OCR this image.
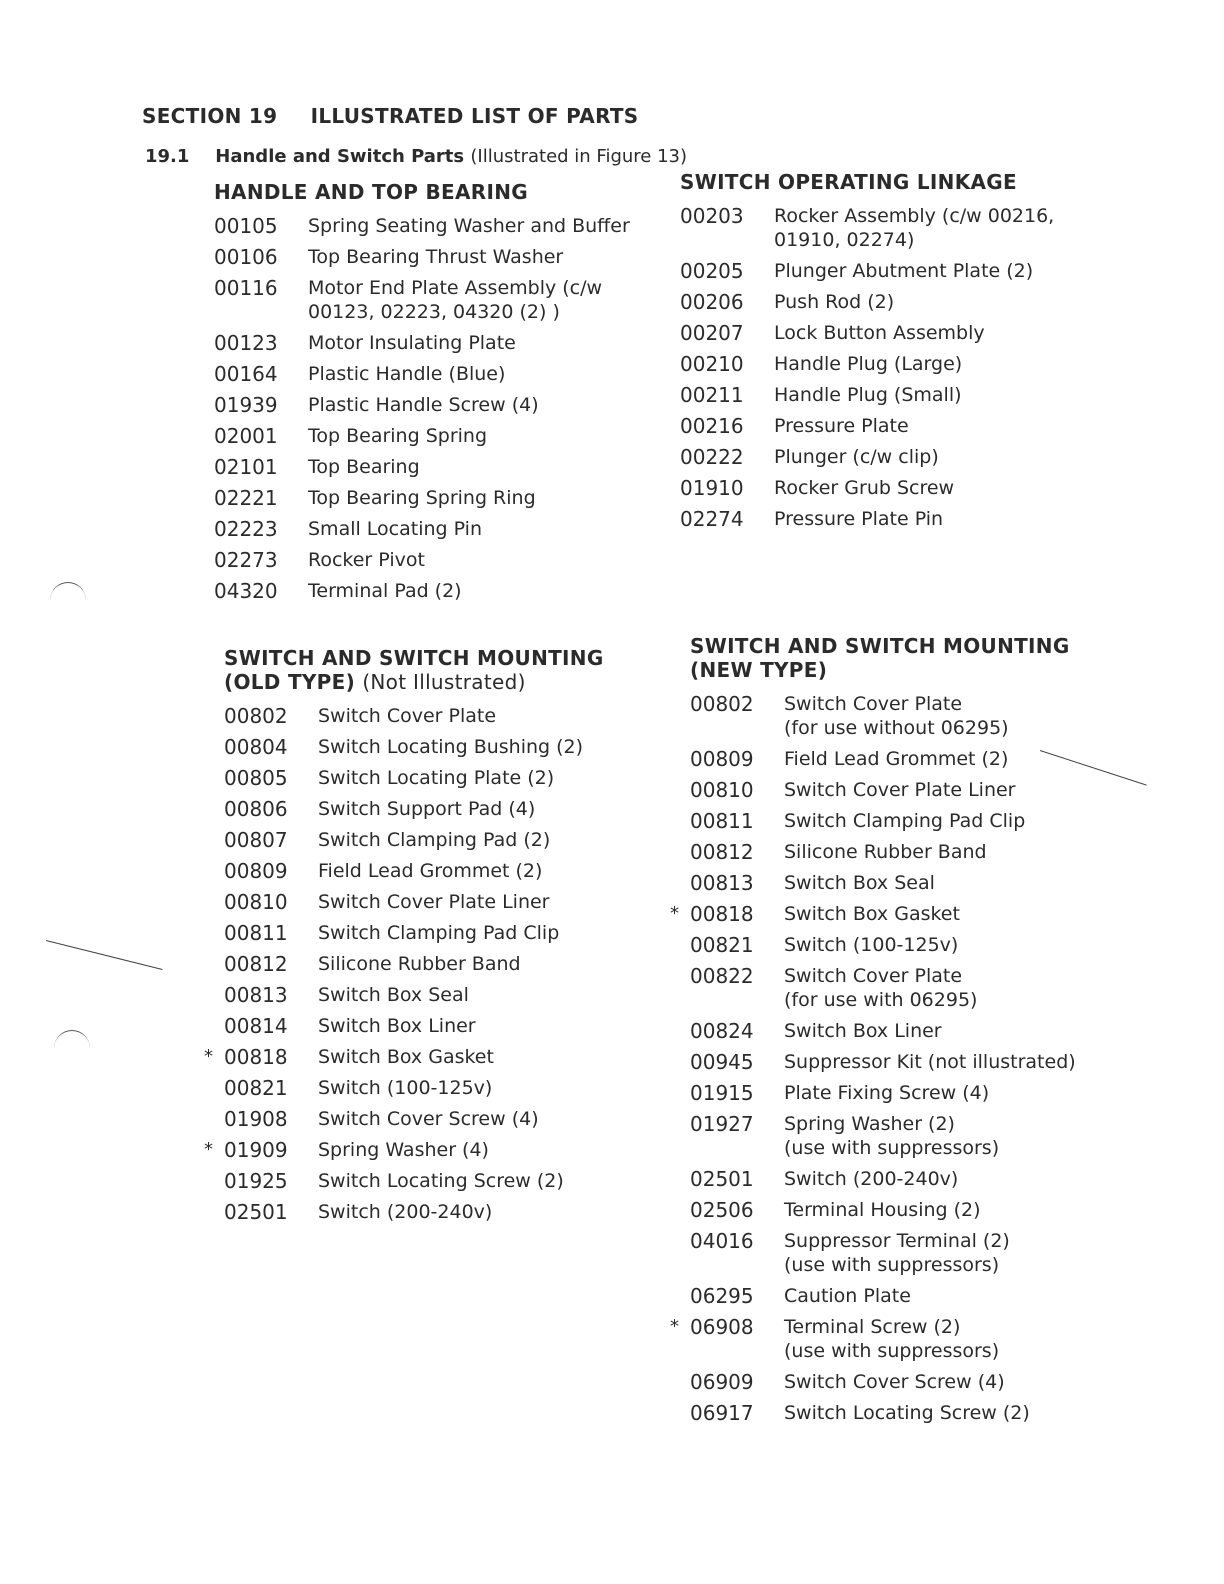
SECTION 19 ILLUSTRATED LIST OF PARTS
19.1 Handle and Switch Parts (Illustrated in Figure 13)
HANDLE AND TOP BEARING
00105	Spring Seating Washer and Buffer
00106	Top Bearing Thrust Washer
00116	Motor End Plate Assembly (c/w
00123, 02223, 04320 (2) )
00123	Motor Insulating Plate
00164	Plastic Handle (Blue)
01939	Plastic Handle Screw (4)
02001	Top Bearing Spring
02101	Top Bearing
02221	Top Bearing Spring Ring
02223	Small Locating Pin
02273	Rocker Pivot
04320	Terminal Pad (2)
SWITCH OPERATING LINKAGE
00203	Rocker Assembly (c/w 00216,
01910, 02274)
00205	Plunger Abutment Plate (2)
00206	Push Rod (2)
00207	Lock Button Assembly
00210	Handle Plug (Large)
00211	Handle Plug (Small)
00216	Pressure Plate
00222	Plunger (c/w clip)
01910	Rocker Grub Screw
02274	Pressure Plate Pin
SWITCH AND SWITCH MOUNTING
(OLD TYPE) (Not Illustrated)
00802	Switch Cover Plate
00804	Switch Locating Bushing (2)
00805	Switch Locating Plate (2)
00806	Switch Support Pad (4)
00807	Switch Clamping Pad (2)
00809	Field Lead Grommet (2)
00810	Switch Cover Plate Liner
00811	Switch Clamping Pad Clip
00812	Silicone Rubber Band
00813	Switch Box Seal
00814	Switch Box Liner
* 00818	Switch Box Gasket
00821	Switch (100-125v)
01908	Switch Cover Screw (4)
* 01909	Spring Washer (4)
01925	Switch Locating Screw (2)
02501	Switch (200-240v)
SWITCH AND SWITCH MOUNTING
(NEW TYPE)
00802	Switch Cover Plate
(for use without 06295)
00809	Field Lead Grommet (2)
00810	Switch Cover Plate Liner
00811	Switch Clamping Pad Clip
00812	Silicone Rubber Band
00813	Switch Box Seal
* 00818	Switch Box Gasket
00821	Switch (100-125v)
00822	Switch Cover Plate
(for use with 06295)
00824	Switch Box Liner
00945	Suppressor Kit (not illustrated)
01915	Plate Fixing Screw (4)
01927	Spring Washer (2)
(use with suppressors)
02501	Switch (200-240v)
02506	Terminal Housing (2)
04016	Suppressor Terminal (2)
(use with suppressors)
06295	Caution Plate
* 06908	Terminal Screw (2)
(use with suppressors)
06909	Switch Cover Screw (4)
06917	Switch Locating Screw (2)
